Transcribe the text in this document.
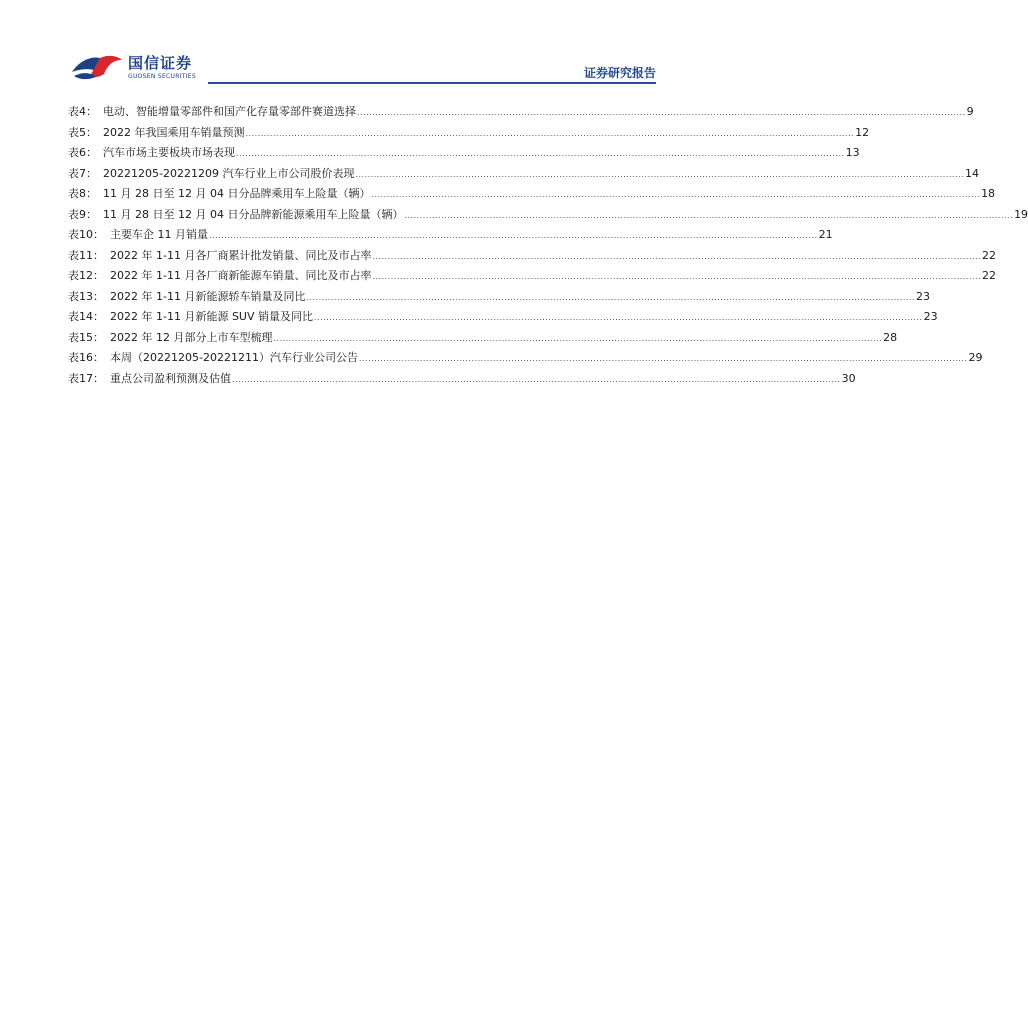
国信证券
GUOSEN SECURITIES	证券研究报告
表4： 电动、智能增量零部件和国产化存量零部件赛道选择 ........................................................................................................................................................................................................ 9
表5： 2022 年我国乘用车销量预测 ........................................................................................................................................................................................................ 12
表6： 汽车市场主要板块市场表现 ........................................................................................................................................................................................................ 13
表7： 20221205-20221209 汽车行业上市公司股价表现 ........................................................................................................................................................................................................ 14
表8： 11 月 28 日至 12 月 04 日分品牌乘用车上险量（辆） ........................................................................................................................................................................................................ 18
表9： 11 月 28 日至 12 月 04 日分品牌新能源乘用车上险量（辆） ........................................................................................................................................................................................................ 19
表10： 主要车企 11 月销量 ........................................................................................................................................................................................................ 21
表11： 2022 年 1-11 月各厂商累计批发销量、同比及市占率 ........................................................................................................................................................................................................ 22
表12： 2022 年 1-11 月各厂商新能源车销量、同比及市占率 ........................................................................................................................................................................................................ 22
表13： 2022 年 1-11 月新能源轿车销量及同比 ........................................................................................................................................................................................................ 23
表14： 2022 年 1-11 月新能源 SUV 销量及同比 ........................................................................................................................................................................................................ 23
表15： 2022 年 12 月部分上市车型梳理 ........................................................................................................................................................................................................ 28
表16： 本周（20221205-20221211）汽车行业公司公告 ........................................................................................................................................................................................................ 29
表17： 重点公司盈利预测及估值 ........................................................................................................................................................................................................ 30
